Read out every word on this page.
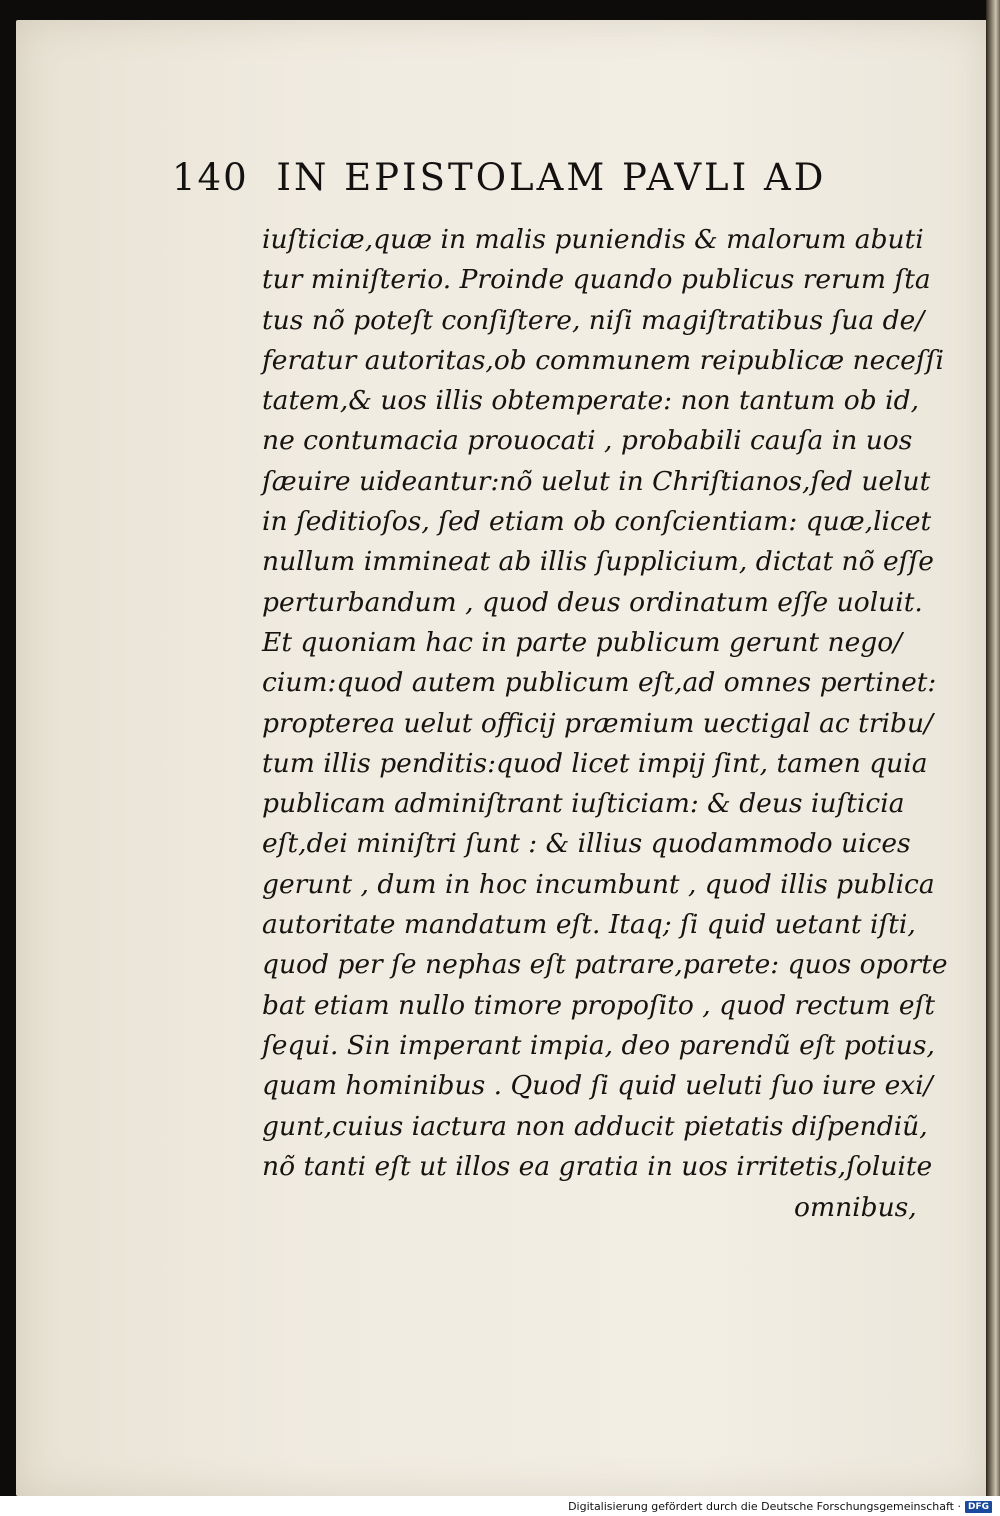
140 IN EPISTOLAM PAVLI AD
iuſticiæ,quæ in malis puniendis & malorum abuti
tur miniſterio. Proinde quando publicus rerum ſta
tus nõ poteſt conſiſtere, niſi magiſtratibus ſua de/
feratur autoritas,ob communem reipublicæ neceſſi
tatem,& uos illis obtemperate: non tantum ob id,
ne contumacia prouocati , probabili cauſa in uos
ſæuire uideantur:nõ uelut in Chriſtianos,ſed uelut
in ſeditioſos, ſed etiam ob conſcientiam: quæ,licet
nullum immineat ab illis ſupplicium, dictat nõ eſſe
perturbandum , quod deus ordinatum eſſe uoluit.
Et quoniam hac in parte publicum gerunt nego/
cium:quod autem publicum eſt,ad omnes pertinet:
propterea uelut officij præmium uectigal ac tribu/
tum illis penditis:quod licet impij ſint, tamen quia
publicam adminiſtrant iuſticiam: & deus iuſticia
eſt,dei miniſtri ſunt : & illius quodammodo uices
gerunt , dum in hoc incumbunt , quod illis publica
autoritate mandatum eſt. Itaq; ſi quid uetant iſti,
quod per ſe nephas eſt patrare,parete: quos oporte
bat etiam nullo timore propoſito , quod rectum eſt
ſequi. Sin imperant impia, deo parendũ eſt potius,
quam hominibus . Quod ſi quid ueluti ſuo iure exi/
gunt,cuius iactura non adducit pietatis diſpendiũ,
nõ tanti eſt ut illos ea gratia in uos irritetis,ſoluite
omnibus,
Digitalisierung gefördert durch die Deutsche Forschungsgemeinschaft · DFG
